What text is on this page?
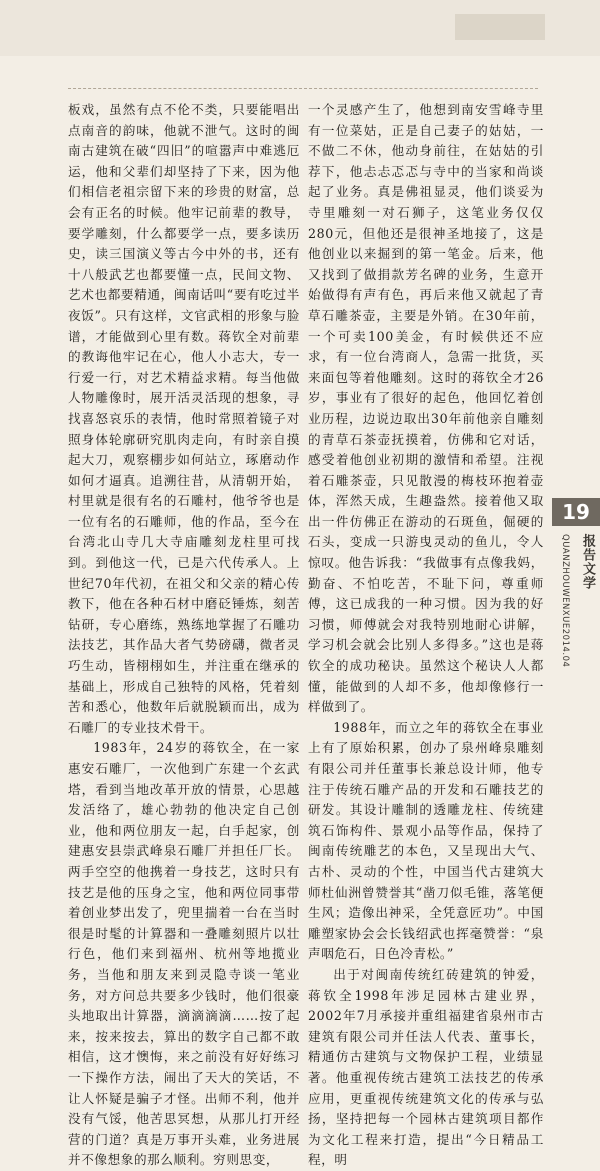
板戏，虽然有点不伦不类，只要能唱出点南音的韵味，他就不泄气。这时的闽南古建筑在破“四旧”的喧嚣声中难逃厄运，他和父辈们却坚持了下来，因为他们相信老祖宗留下来的珍贵的财富，总会有正名的时候。他牢记前辈的教导，要学雕刻，什么都要学一点，要多读历史，读三国演义等古今中外的书，还有十八般武艺也都要懂一点，民间文物、艺术也都要精通，闽南话叫“要有吃过半夜饭”。只有这样，文官武相的形象与脸谱，才能做到心里有数。蒋钦全对前辈的教诲他牢记在心，他人小志大，专一行爱一行，对艺术精益求精。每当他做人物雕像时，展开活灵活现的想象，寻找喜怒哀乐的表情，他时常照着镜子对照身体轮廓研究肌肉走向，有时亲自摸起大刀，观察棚步如何站立，琢磨动作如何才逼真。追溯往昔，从清朝开始，村里就是很有名的石雕村，他爷爷也是一位有名的石雕师，他的作品，至今在台湾北山寺几大寺庙雕刻龙柱里可找到。到他这一代，已是六代传承人。上世纪70年代初，在祖父和父亲的精心传教下，他在各种石材中磨砭锤炼，刻苦钻研，专心磨练，熟练地掌握了石雕功法技艺，其作品大者气势磅礴，微者灵巧生动，皆栩栩如生，并注重在继承的基础上，形成自己独特的风格，凭着刻苦和悉心，他数年后就脱颖而出，成为石雕厂的专业技术骨干。

1983年，24岁的蒋钦全，在一家惠安石雕厂，一次他到广东建一个玄武塔，看到当地改革开放的情景，心思越发活络了，雄心勃勃的他决定自己创业，他和两位朋友一起，白手起家，创建惠安县崇武峰泉石雕厂并担任厂长。两手空空的他携着一身技艺，这时只有技艺是他的压身之宝，他和两位同事带着创业梦出发了，兜里揣着一台在当时很是时髦的计算器和一叠雕刻照片以壮行色，他们来到福州、杭州等地揽业务，当他和朋友来到灵隐寺谈一笔业务，对方问总共要多少钱时，他们很豪头地取出计算器，滴滴滴滴……按了起来，按来按去，算出的数字自己都不敢相信，这才懊悔，来之前没有好好练习一下操作方法，闹出了天大的笑话，不让人怀疑是骗子才怪。出师不利，他并没有气馁，他苦思冥想，从那儿打开经营的门道？真是万事开头难，业务进展并不像想象的那么顺利。穷则思变，

一个灵感产生了，他想到南安雪峰寺里有一位菜姑，正是自己妻子的姑姑，一不做二不休，他动身前往，在姑姑的引荐下，他忐忐忑忑与寺中的当家和尚谈起了业务。真是佛祖显灵，他们谈妥为寺里雕刻一对石狮子，这笔业务仅仅280元，但他还是很神圣地接了，这是他创业以来掘到的第一笔金。后来，他又找到了做捐款芳名碑的业务，生意开始做得有声有色，再后来他又就起了青草石雕茶壶，主要是外销。在30年前，一个可卖100美金，有时候供还不应求，有一位台湾商人，急需一批货，买来面包等着他雕刻。这时的蒋钦全才26岁，事业有了很好的起色，他回忆着创业历程，边说边取出30年前他亲自雕刻的青草石茶壶抚摸着，仿佛和它对话，感受着他创业初期的激情和希望。注视着石雕茶壶，只见散漫的梅枝环抱着壶体，浑然天成，生趣盎然。接着他又取出一件仿佛正在游动的石斑鱼，倔硬的石头，变成一只游曳灵动的鱼儿，令人惊叹。他告诉我：“我做事有点像我妈，勤奋、不怕吃苦，不耻下问，尊重师傅，这已成我的一种习惯。因为我的好习惯，师傅就会对我特别地耐心讲解，学习机会就会比别人多得多。”这也是蒋钦全的成功秘诀。虽然这个秘诀人人都懂，能做到的人却不多，他却像修行一样做到了。

1988年，而立之年的蒋钦全在事业上有了原始积累，创办了泉州峰泉雕刻有限公司并任董事长兼总设计师，他专注于传统石雕产品的开发和石雕技艺的研发。其设计雕制的透雕龙柱、传统建筑石饰构件、景观小品等作品，保持了闽南传统雕艺的本色，又呈现出大气、古朴、灵动的个性，中国当代古建筑大师杜仙洲曾赞誉其“凿刀似毛锥，落笔便生风；造像出神采，全凭意匠功”。中国雕塑家协会会长钱绍武也挥毫赞誉：“泉声咽危石，日色冷青松。”

出于对闽南传统红砖建筑的钟爱，蒋钦全1998年涉足园林古建业界，2002年7月承接并重组福建省泉州市古建筑有限公司并任法人代表、董事长，精通仿古建筑与文物保护工程，业绩显著。他重视传统古建筑工法技艺的传承应用，更重视传统建筑文化的传承与弘扬，坚持把每一个园林古建筑项目都作为文化工程来打造，提出“今日精品工程，明

19
报告文学
QUANZHOUWENXUE2014.04
